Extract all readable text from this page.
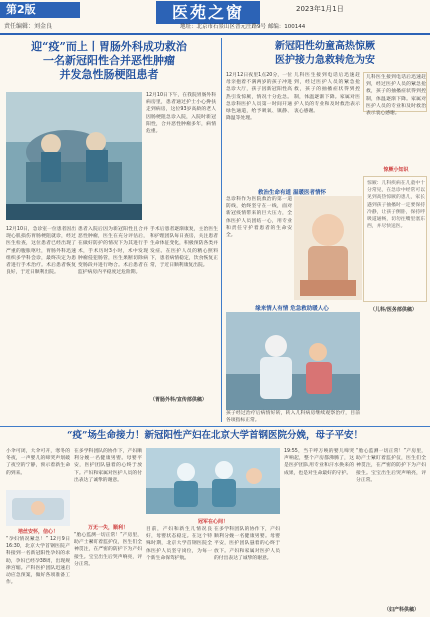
第2版
责任编辑：刘金良
医苑之窗	2023年1月1日
地址：北京市石景山区晋元庄路9号 邮编：100144
迎“疫”而上丨胃肠外科成功救治
一名新冠阳性合并恶性肿瘤
并发急性肠梗阻患者
12月10日下午，在我院胃肠外科病房里，患者通过护士小心搀扶走到病房，这位93岁高龄的老人因肠梗阻急诊入院，入院时新冠阳性，合并恶性肿瘤多年，病情危重。
12月10日，急诊室一位患者因出现心肌损伤胃肠梗阻就诊，经过医生检查，这位患者已经出现了严重的腹胀呕吐，胃肠外科迅速组织多学科会诊，最终决定为患者进行手术治疗。术后患者恢复良好，于近日顺利出院。
患者入院后因为新冠阳性且合并恶性肿瘤，医生在充分评估后，在做好防护的情况下为其进行手术，手术历时3小时，术中发现肿瘤侵犯肠管，医生果断切除病变肠段并进行吻合。术后患者在监护病房内平稳度过危险期。
手术后患者逐渐康复，主治医生和护理团队每日查房，关注患者生命体征变化，积极预防各类并发症。在医护人员的精心照料下，患者病情稳定，饮食恢复正常，于近日顺利康复出院。
（胃肠外科/宣传部供稿）
新冠阳性幼童高热惊厥
医护接力急救转危为安
12月12日夜里1点20分，一位母亲抱着不满两岁的孩子冲进急诊大厅，孩子因新冠阳性高热引发惊厥，情况十分危急。急诊科医护人员第一时间开通绿色通道，给予吸氧、镇静、降温等处理。
儿科医生接到电话后迅速赶到，经过医护人员的紧急抢救，孩子的抽搐症状得到控制，体温逐渐下降。家属对医护人员的专业和及时救治表示衷心感谢。
救治生命有道 温暖医者情怀
急诊科作为医院救治的第一道防线，始终坚守在一线，面对新冠疫情带来的巨大压力，全体医护人员团结一心，用专业和责任守护着患者的生命安全。
缘来情人有情 危急救助暖人心
孩子经过治疗后病情好转，转入儿科病房继续观察治疗，目前各项指标正常。
儿科医生接到电话后迅速赶到，经过医护人员的紧急抢救，孩子的抽搐症状得到控制，体温逐渐下降。家属对医护人员的专业和及时救治表示衷心感谢。
惊厥小知识
惊厥：儿科疾病在儿童中十分常见，在急诊中经常可以见到高热惊厥的患儿，家长遇到孩子抽搐时一定要保持冷静，让孩子侧卧，保持呼吸道通畅，切勿往嘴里塞东西，并尽快送医。
（儿科/医务部供稿）
“疫”场生命接力！新冠阳性产妇在北京大学首钢医院分娩，母子平安！
小伞可闭，大伞可开，寒冬的冬夜，一声婴儿的啼哭声划破了夜空的宁静，预示着新生命的到来。
培丝安怀，信心！
“孕妇情况紧急！” 12月9日16:30，北京大学首钢医院产科接到一名新冠阳性孕妇的求助，孕妇已经孕38周，出现规律宫缩。产科医护团队迅速启动应急预案，做好各项准备工作。
在多学科团队的协作下，产妇顺利分娩一名健康男婴。母婴平安，医护团队悬着的心终于放下。产妇和家属对医护人员的付出表达了诚挚的谢意。
万无一失，顺利！
“胎心监测一切正常！”产房里，助产士紧盯着监护仪，医生们全神贯注，在严密的防护下为产妇接生。宝宝出生后哭声响亮，评分正常。
冠军在心间！
目前，产妇和新生儿情况良好，母婴状态稳定。在这个特殊时期，北京大学首钢医院全体医护人员坚守岗位，为每一个新生命保驾护航。
在多学科团队的协作下，产妇顺利分娩一名健康男婴。母婴平安，医护团队悬着的心终于放下。产妇和家属对医护人员的付出表达了诚挚的谢意。
19:55，当千呼万唤的婴儿啼哭声响起，整个产房都沸腾了，这是医护团队用专业和汗水换来的成果，也是对生命最好的守护。
“胎心监测一切正常！”产房里，助产士紧盯着监护仪，医生们全神贯注，在严密的防护下为产妇接生。宝宝出生后哭声响亮，评分正常。
（妇产科供稿）
